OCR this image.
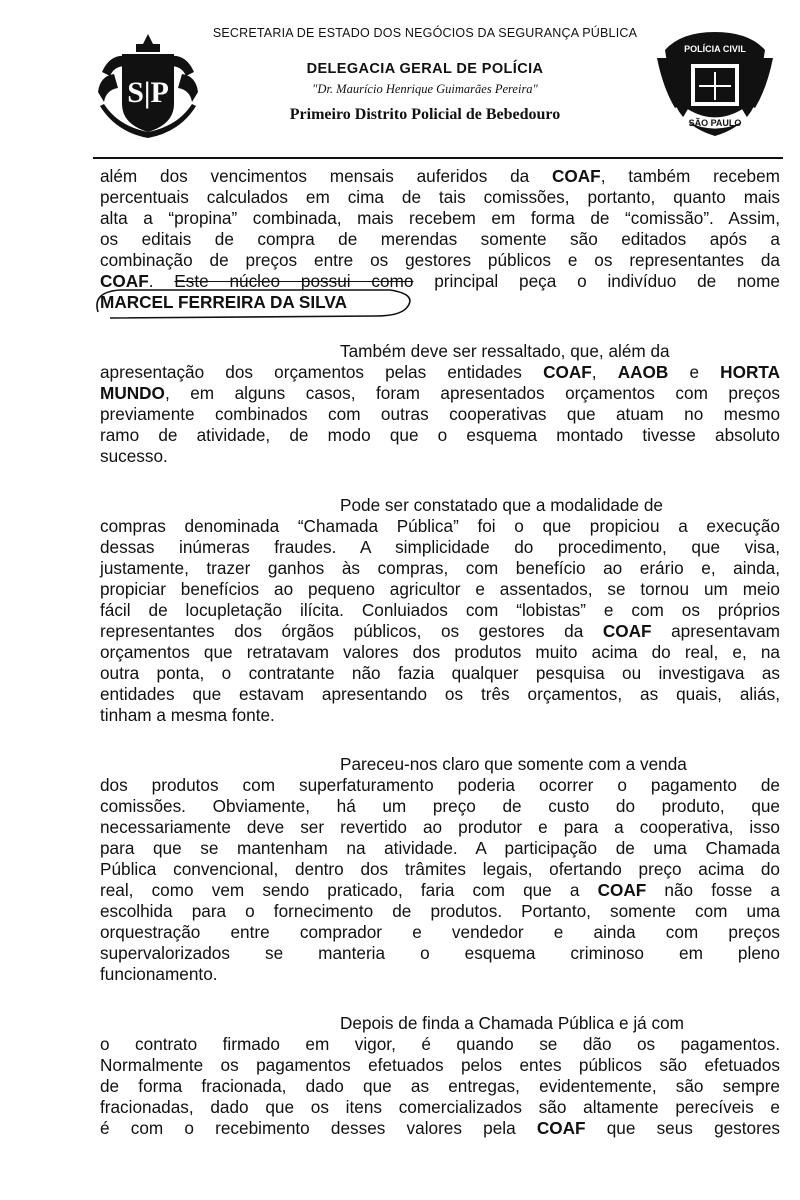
S|P
SECRETARIA DE ESTADO DOS NEGÓCIOS DA SEGURANÇA PÚBLICA
DELEGACIA GERAL DE POLÍCIA
"Dr. Maurício Henrique Guimarães Pereira"
Primeiro Distrito Policial de Bebedouro
POLÍCIA CIVIL
SÃO PAULO
além dos vencimentos mensais auferidos da COAF, também recebem
percentuais calculados em cima de tais comissões, portanto, quanto mais
alta a “propina” combinada, mais recebem em forma de “comissão”. Assim,
os editais de compra de merendas somente são editados após a
combinação de preços entre os gestores públicos e os representantes da
COAF. Este núcleo possui como principal peça o indivíduo de nome
MARCEL FERREIRA DA SILVA
Também deve ser ressaltado, que, além da
apresentação dos orçamentos pelas entidades COAF, AAOB e HORTA
MUNDO, em alguns casos, foram apresentados orçamentos com preços
previamente combinados com outras cooperativas que atuam no mesmo
ramo de atividade, de modo que o esquema montado tivesse absoluto
sucesso.
Pode ser constatado que a modalidade de
compras denominada “Chamada Pública” foi o que propiciou a execução
dessas inúmeras fraudes. A simplicidade do procedimento, que visa,
justamente, trazer ganhos às compras, com benefício ao erário e, ainda,
propiciar benefícios ao pequeno agricultor e assentados, se tornou um meio
fácil de locupletação ilícita. Conluiados com “lobistas” e com os próprios
representantes dos órgãos públicos, os gestores da COAF apresentavam
orçamentos que retratavam valores dos produtos muito acima do real, e, na
outra ponta, o contratante não fazia qualquer pesquisa ou investigava as
entidades que estavam apresentando os três orçamentos, as quais, aliás,
tinham a mesma fonte.
Pareceu-nos claro que somente com a venda
dos produtos com superfaturamento poderia ocorrer o pagamento de
comissões. Obviamente, há um preço de custo do produto, que
necessariamente deve ser revertido ao produtor e para a cooperativa, isso
para que se mantenham na atividade. A participação de uma Chamada
Pública convencional, dentro dos trâmites legais, ofertando preço acima do
real, como vem sendo praticado, faria com que a COAF não fosse a
escolhida para o fornecimento de produtos. Portanto, somente com uma
orquestração entre comprador e vendedor e ainda com preços
supervalorizados se manteria o esquema criminoso em pleno
funcionamento.
Depois de finda a Chamada Pública e já com
o contrato firmado em vigor, é quando se dão os pagamentos.
Normalmente os pagamentos efetuados pelos entes públicos são efetuados
de forma fracionada, dado que as entregas, evidentemente, são sempre
fracionadas, dado que os itens comercializados são altamente perecíveis e
é com o recebimento desses valores pela COAF que seus gestores
